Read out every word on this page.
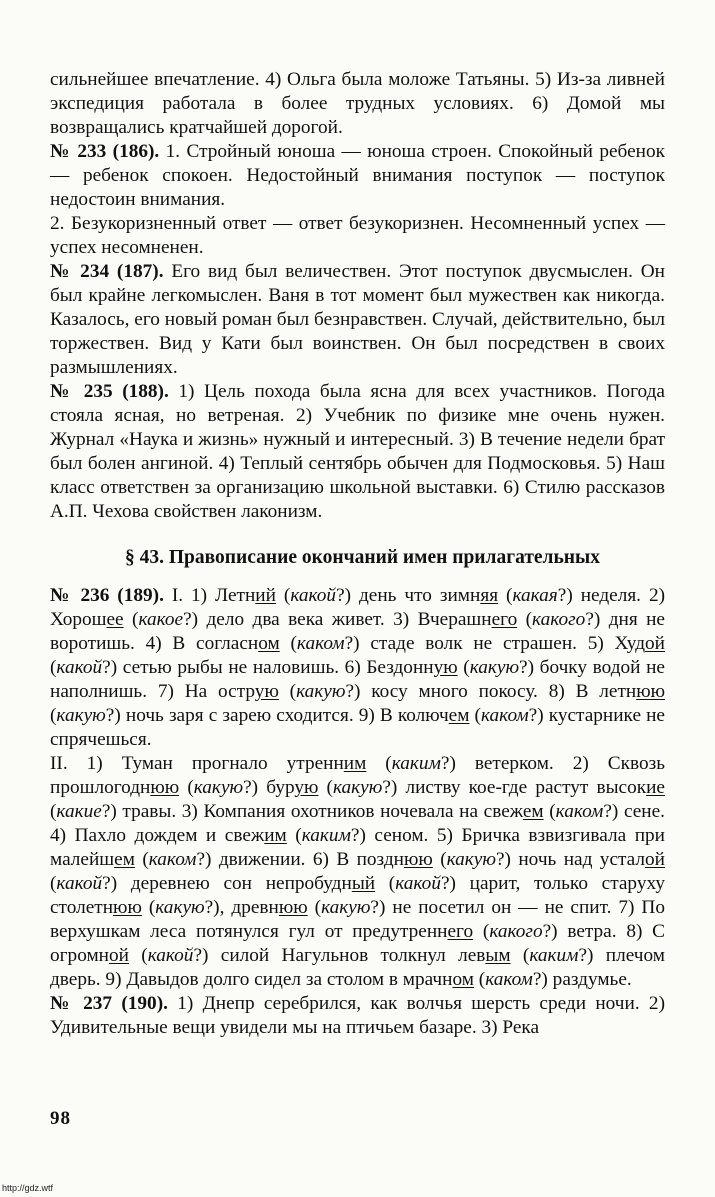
сильнейшее впечатление. 4) Ольга была моложе Татьяны. 5) Из-за ливней экспедиция работала в более трудных условиях. 6) Домой мы возвращались кратчайшей дорогой.

№ 233 (186). 1. Стройный юноша — юноша строен. Спокойный ребенок — ребенок спокоен. Недостойный внимания поступок — поступок недостоин внимания.

2. Безукоризненный ответ — ответ безукоризнен. Несомненный успех — успех несомненен.

№ 234 (187). Его вид был величествен. Этот поступок двусмыслен. Он был крайне легкомыслен. Ваня в тот момент был мужествен как никогда. Казалось, его новый роман был безнравствен. Случай, действительно, был торжествен. Вид у Кати был воинствен. Он был посредствен в своих размышлениях.

№ 235 (188). 1) Цель похода была ясна для всех участников. Погода стояла ясная, но ветреная. 2) Учебник по физике мне очень нужен. Журнал «Наука и жизнь» нужный и интересный. 3) В течение недели брат был болен ангиной. 4) Теплый сентябрь обычен для Подмосковья. 5) Наш класс ответствен за организацию школьной выставки. 6) Стилю рассказов А.П. Чехова свойствен лаконизм.

§ 43. Правописание окончаний имен прилагательных

№ 236 (189). I. 1) Летний (какой?) день что зимняя (какая?) неделя. 2) Хорошее (какое?) дело два века живет. 3) Вчерашнего (какого?) дня не воротишь. 4) В согласном (каком?) стаде волк не страшен. 5) Худой (какой?) сетью рыбы не наловишь. 6) Бездонную (какую?) бочку водой не наполнишь. 7) На острую (какую?) косу много покосу. 8) В летнюю (какую?) ночь заря с зарею сходится. 9) В колючем (каком?) кустарнике не спрячешься.

II. 1) Туман прогнало утренним (каким?) ветерком. 2) Сквозь прошлогоднюю (какую?) бурую (какую?) листву кое-где растут высокие (какие?) травы. 3) Компания охотников ночевала на свежем (каком?) сене. 4) Пахло дождем и свежим (каким?) сеном. 5) Бричка взвизгивала при малейшем (каком?) движении. 6) В позднюю (какую?) ночь над усталой (какой?) деревнею сон непробудный (какой?) царит, только старуху столетнюю (какую?), древнюю (какую?) не посетил он — не спит. 7) По верхушкам леса потянулся гул от предутреннего (какого?) ветра. 8) С огромной (какой?) силой Нагульнов толкнул левым (каким?) плечом дверь. 9) Давыдов долго сидел за столом в мрачном (каком?) раздумье.

№ 237 (190). 1) Днепр серебрился, как волчья шерсть среди ночи. 2) Удивительные вещи увидели мы на птичьем базаре. 3) Река

98
http://gdz.wtf
